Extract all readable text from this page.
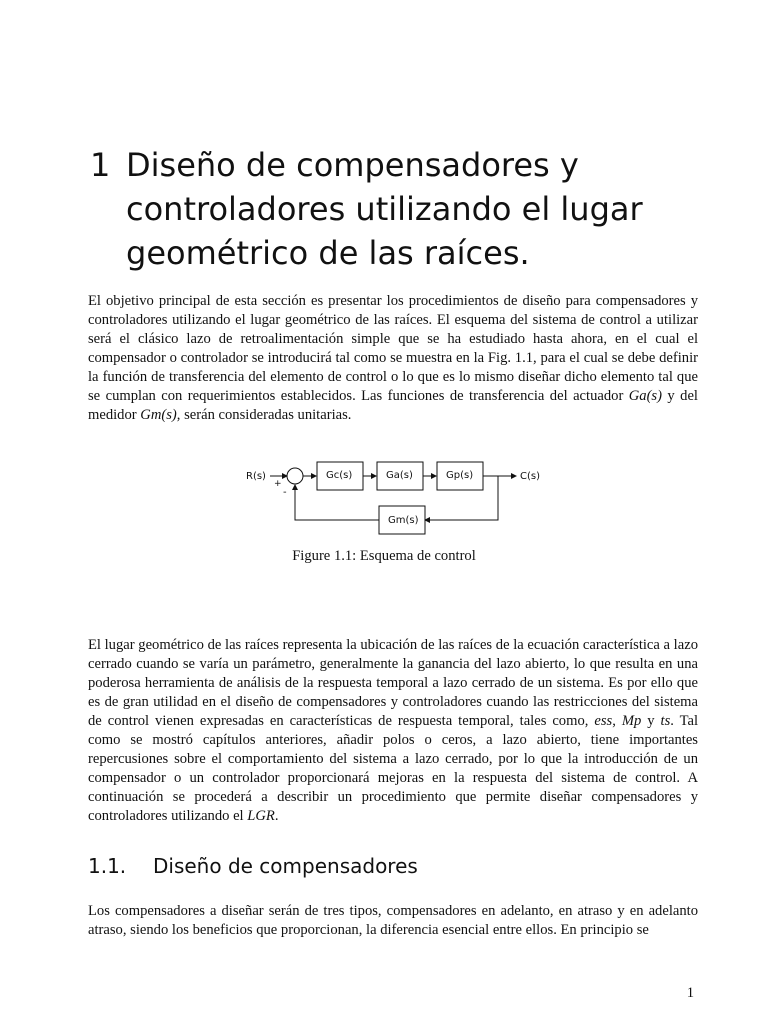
1 Diseño de compensadores y controladores utilizando el lugar geométrico de las raíces.

El objetivo principal de esta sección es presentar los procedimientos de diseño para compensadores y controladores utilizando el lugar geométrico de las raíces. El esquema del sistema de control a utilizar será el clásico lazo de retroalimentación simple que se ha estudiado hasta ahora, en el cual el compensador o controlador se introducirá tal como se muestra en la Fig. 1.1, para el cual se debe definir la función de transferencia del elemento de control o lo que es lo mismo diseñar dicho elemento tal que se cumplan con requerimientos establecidos. Las funciones de transferencia del actuador Ga(s) y del medidor Gm(s), serán consideradas unitarias.

R(s)
+
-
Gc(s)	Ga(s)	Gp(s)	C(s)
Gm(s)
Figure 1.1: Esquema de control

El lugar geométrico de las raíces representa la ubicación de las raíces de la ecuación característica a lazo cerrado cuando se varía un parámetro, generalmente la ganancia del lazo abierto, lo que resulta en una poderosa herramienta de análisis de la respuesta temporal a lazo cerrado de un sistema. Es por ello que es de gran utilidad en el diseño de compensadores y controladores cuando las restricciones del sistema de control vienen expresadas en características de respuesta temporal, tales como, ess, Mp y ts. Tal como se mostró capítulos anteriores, añadir polos o ceros, a lazo abierto, tiene importantes repercusiones sobre el comportamiento del sistema a lazo cerrado, por lo que la introducción de un compensador o un controlador proporcionará mejoras en la respuesta del sistema de control. A continuación se procederá a describir un procedimiento que permite diseñar compensadores y controladores utilizando el LGR.

1.1. Diseño de compensadores

Los compensadores a diseñar serán de tres tipos, compensadores en adelanto, en atraso y en adelanto atraso, siendo los beneficios que proporcionan, la diferencia esencial entre ellos. En principio se

1
